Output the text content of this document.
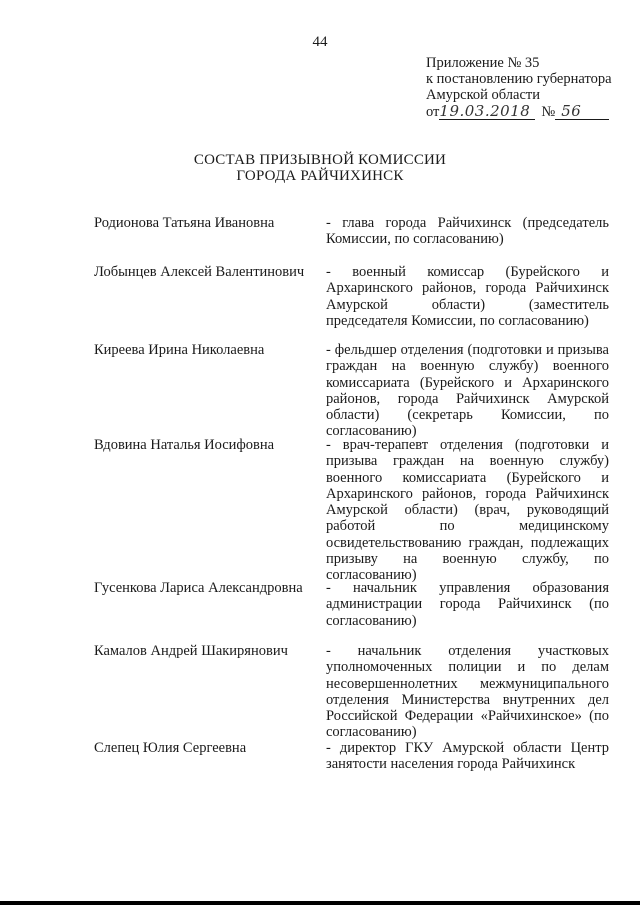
44
Приложение № 35
к постановлению губернатора
Амурской области
от 19.03.2018 № 56
СОСТАВ ПРИЗЫВНОЙ КОМИССИИ
ГОРОДА РАЙЧИХИНСК
Родионова Татьяна Ивановна	- глава города Райчихинск (председатель Комиссии, по согласованию)
Лобынцев Алексей Валентинович - военный комиссар (Бурейского и Архаринского районов, города Райчихинск Амурской области) (заместитель председателя Комиссии, по согласованию)
Киреева Ирина Николаевна	- фельдшер отделения (подготовки и призыва граждан на военную службу) военного комиссариата (Бурейского и Архаринского районов, города Райчихинск Амурской области) (секретарь Комиссии, по согласованию)
Вдовина Наталья Иосифовна	- врач-терапевт отделения (подготовки и призыва граждан на военную службу) военного комиссариата (Бурейского и Архаринского районов, города Райчихинск Амурской области) (врач, руководящий работой по медицинскому освидетельствованию граждан, подлежащих призыву на военную службу, по согласованию)
Гусенкова Лариса Александровна - начальник управления образования администрации города Райчихинск (по согласованию)
Камалов Андрей Шакирянович	- начальник отделения участковых уполномоченных полиции и по делам несовершеннолетних межмуниципального отделения Министерства внутренних дел Российской Федерации «Райчихинское» (по согласованию)
Слепец Юлия Сергеевна	- директор ГКУ Амурской области Центр занятости населения города Райчихинск
